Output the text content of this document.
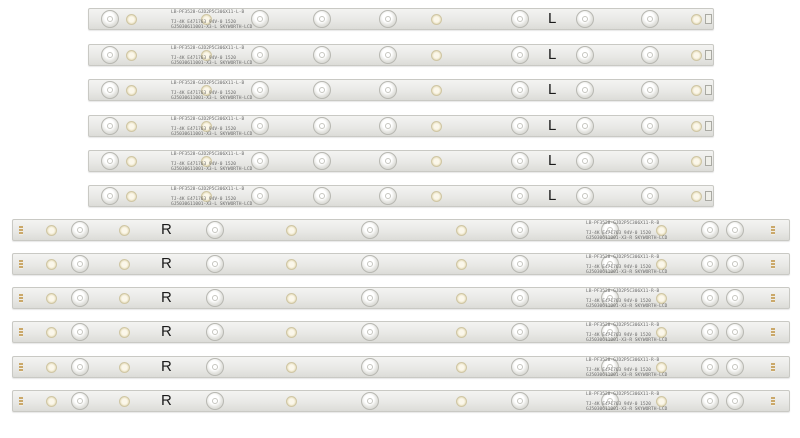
LB-PF3528-GJD2P5C306X11-L-B
TJ-4K E471763 94V-0 1520
GJ5030611001-X3-L SKYWORTH-LCD
L
LB-PF3528-GJD2P5C306X11-L-B
TJ-4K E471763 94V-0 1520
GJ5030611001-X3-L SKYWORTH-LCD
L
LB-PF3528-GJD2P5C306X11-L-B
TJ-4K E471763 94V-0 1520
GJ5030611001-X3-L SKYWORTH-LCD
L
LB-PF3528-GJD2P5C306X11-L-B
TJ-4K E471763 94V-0 1520
GJ5030611001-X3-L SKYWORTH-LCD
L
LB-PF3528-GJD2P5C306X11-L-B
TJ-4K E471763 94V-0 1520
GJ5030611001-X3-L SKYWORTH-LCD
L
LB-PF3528-GJD2P5C306X11-L-B
TJ-4K E471763 94V-0 1520
GJ5030611001-X3-L SKYWORTH-LCD
L
R	LB-PF3528-GJD2P5C306X11-R-B
TJ-4K E471763 94V-0 1520
GJ5030611001-X3-R SKYWORTH-LCD
R	LB-PF3528-GJD2P5C306X11-R-B
TJ-4K E471763 94V-0 1520
GJ5030611001-X3-R SKYWORTH-LCD
R	LB-PF3528-GJD2P5C306X11-R-B
TJ-4K E471763 94V-0 1520
GJ5030611001-X3-R SKYWORTH-LCD
R	LB-PF3528-GJD2P5C306X11-R-B
TJ-4K E471763 94V-0 1520
GJ5030611001-X3-R SKYWORTH-LCD
R	LB-PF3528-GJD2P5C306X11-R-B
TJ-4K E471763 94V-0 1520
GJ5030611001-X3-R SKYWORTH-LCD
R	LB-PF3528-GJD2P5C306X11-R-B
TJ-4K E471763 94V-0 1520
GJ5030611001-X3-R SKYWORTH-LCD
